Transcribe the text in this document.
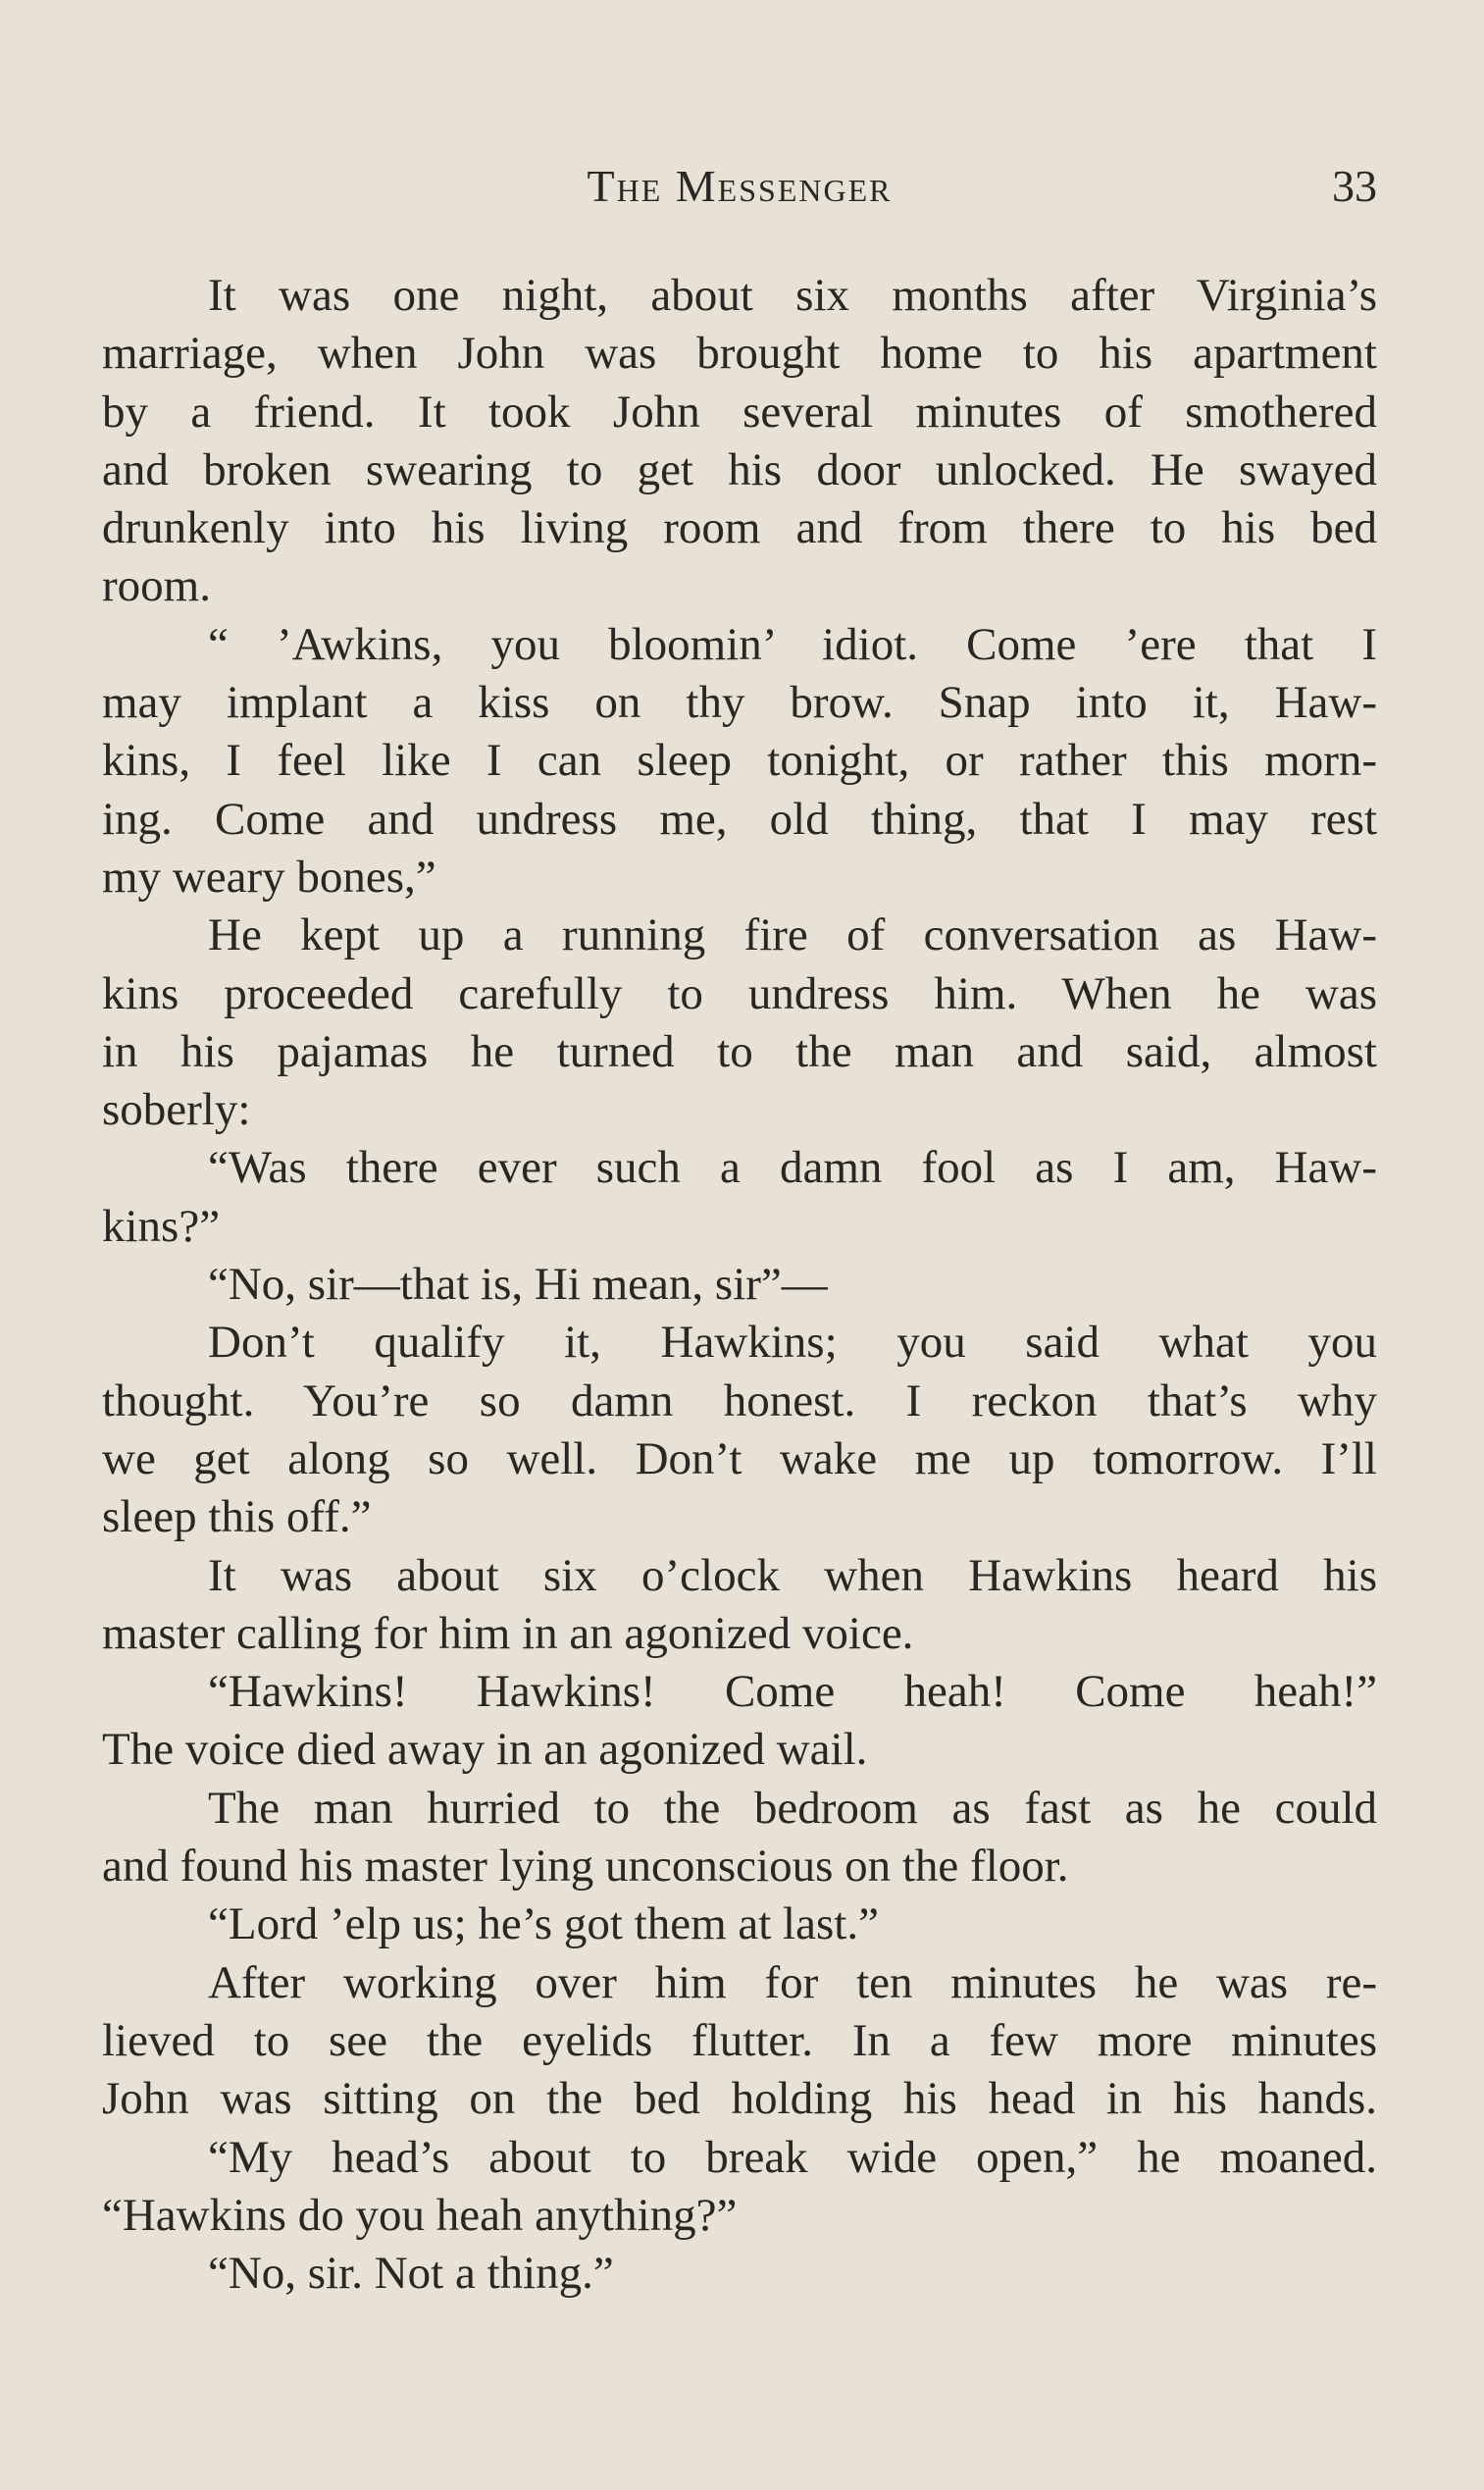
The Messenger	33
It was one night, about six months after Virginia’s
marriage, when John was brought home to his apartment
by a friend. It took John several minutes of smothered
and broken swearing to get his door unlocked. He swayed
drunkenly into his living room and from there to his bed
room.
“ ’Awkins, you bloomin’ idiot. Come ’ere that I
may implant a kiss on thy brow. Snap into it, Haw-
kins, I feel like I can sleep tonight, or rather this morn-
ing. Come and undress me, old thing, that I may rest
my weary bones,”
He kept up a running fire of conversation as Haw-
kins proceeded carefully to undress him. When he was
in his pajamas he turned to the man and said, almost
soberly:
“Was there ever such a damn fool as I am, Haw-
kins?”
“No, sir—that is, Hi mean, sir”—
Don’t qualify it, Hawkins; you said what you
thought. You’re so damn honest. I reckon that’s why
we get along so well. Don’t wake me up tomorrow. I’ll
sleep this off.”
It was about six o’clock when Hawkins heard his
master calling for him in an agonized voice.
“Hawkins! Hawkins! Come heah! Come heah!”
The voice died away in an agonized wail.
The man hurried to the bedroom as fast as he could
and found his master lying unconscious on the floor.
“Lord ’elp us; he’s got them at last.”
After working over him for ten minutes he was re-
lieved to see the eyelids flutter. In a few more minutes
John was sitting on the bed holding his head in his hands.
“My head’s about to break wide open,” he moaned.
“Hawkins do you heah anything?”
“No, sir. Not a thing.”
